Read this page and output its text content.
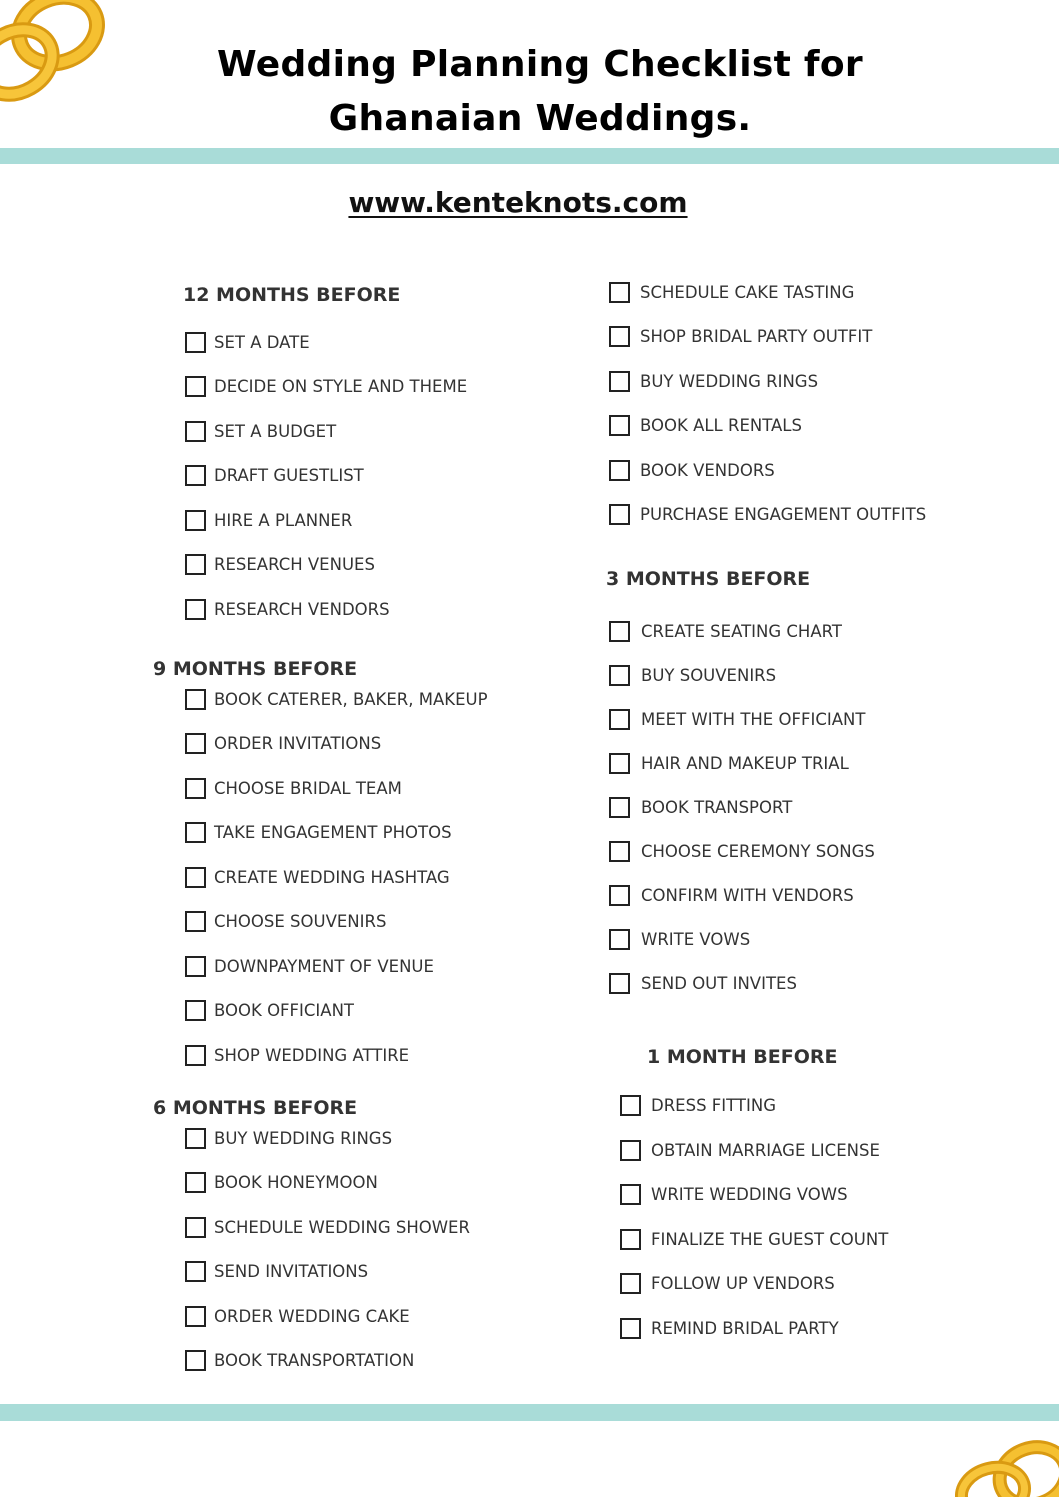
Wedding Planning Checklist for
Ghanaian Weddings.
www.kenteknots.com
12 MONTHS BEFORE
SET A DATE
DECIDE ON STYLE AND THEME
SET A BUDGET
DRAFT GUESTLIST
HIRE A PLANNER
RESEARCH VENUES
RESEARCH VENDORS
9 MONTHS BEFORE
BOOK CATERER, BAKER, MAKEUP
ORDER INVITATIONS
CHOOSE BRIDAL TEAM
TAKE ENGAGEMENT PHOTOS
CREATE WEDDING HASHTAG
CHOOSE SOUVENIRS
DOWNPAYMENT OF VENUE
BOOK OFFICIANT
SHOP WEDDING ATTIRE
6 MONTHS BEFORE
BUY WEDDING RINGS
BOOK HONEYMOON
SCHEDULE WEDDING SHOWER
SEND INVITATIONS
ORDER WEDDING CAKE
BOOK TRANSPORTATION
SCHEDULE CAKE TASTING
SHOP BRIDAL PARTY OUTFIT
BUY WEDDING RINGS
BOOK ALL RENTALS
BOOK VENDORS
PURCHASE ENGAGEMENT OUTFITS
3 MONTHS BEFORE
CREATE SEATING CHART
BUY SOUVENIRS
MEET WITH THE OFFICIANT
HAIR AND MAKEUP TRIAL
BOOK TRANSPORT
CHOOSE CEREMONY SONGS
CONFIRM WITH VENDORS
WRITE VOWS
SEND OUT INVITES
1 MONTH BEFORE
DRESS FITTING
OBTAIN MARRIAGE LICENSE
WRITE WEDDING VOWS
FINALIZE THE GUEST COUNT
FOLLOW UP VENDORS
REMIND BRIDAL PARTY
